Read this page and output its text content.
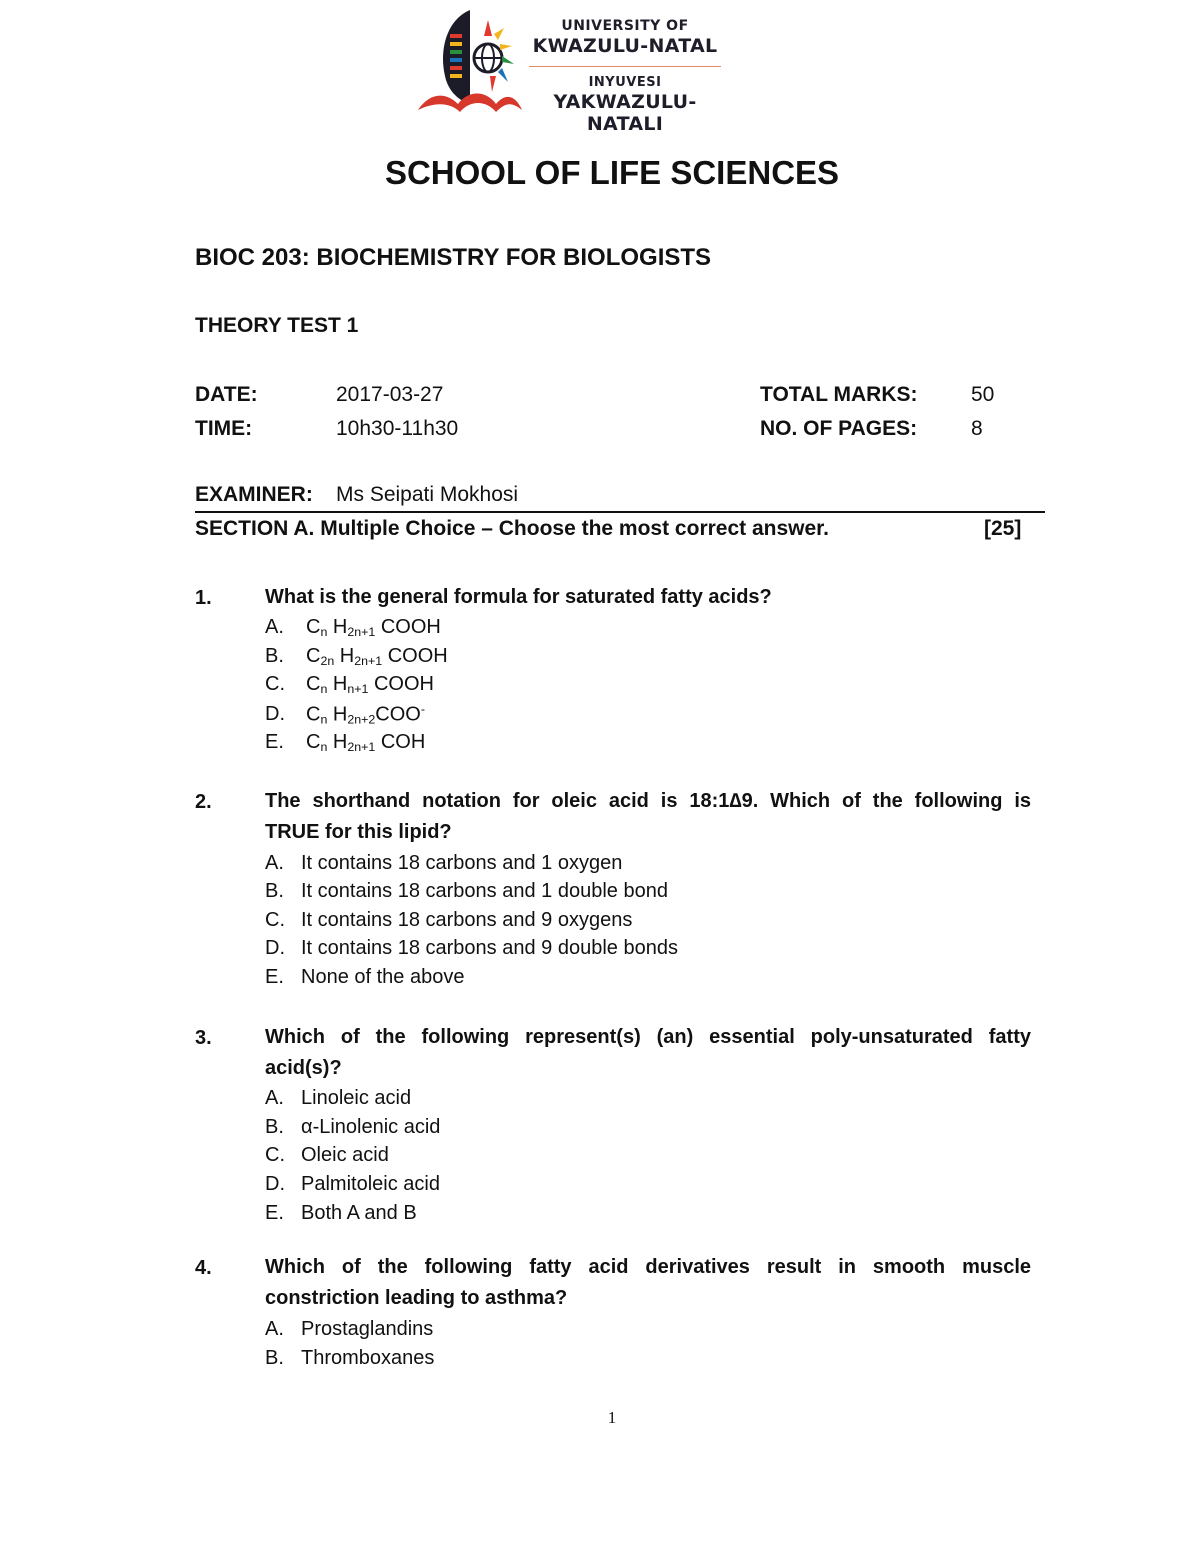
UNIVERSITY OF
KWAZULU-NATAL
INYUVESI
YAKWAZULU-NATALI
SCHOOL OF LIFE SCIENCES
BIOC 203: BIOCHEMISTRY FOR BIOLOGISTS
THEORY TEST 1
DATE:	2017-03-27	TOTAL MARKS:	50
TIME:	10h30-11h30	NO. OF PAGES:	8
EXAMINER: Ms Seipati Mokhosi
SECTION A. Multiple Choice – Choose the most correct answer.	[25]
1.	What is the general formula for saturated fatty acids?
A. $C_n$ $H_{2n+1}$ COOH
B. $C_{2n}$ $H_{2n+1}$ COOH
C. $C_n$ $H_{n+1}$ COOH
D. $C_n$ $H_{2n+2}COO^-$
E. $C_n$ $H_{2n+1}$ COH
2.	The shorthand notation for oleic acid is 18:1∆9. Which of the following is
TRUE for this lipid?
A. It contains 18 carbons and 1 oxygen
B. It contains 18 carbons and 1 double bond
C. It contains 18 carbons and 9 oxygens
D. It contains 18 carbons and 9 double bonds
E. None of the above
3.	Which of the following represent(s) (an) essential poly-unsaturated fatty
acid(s)?
A. Linoleic acid
B. α-Linolenic acid
C. Oleic acid
D. Palmitoleic acid
E. Both A and B
4.	Which of the following fatty acid derivatives result in smooth muscle
constriction leading to asthma?
A. Prostaglandins
B. Thromboxanes
1
